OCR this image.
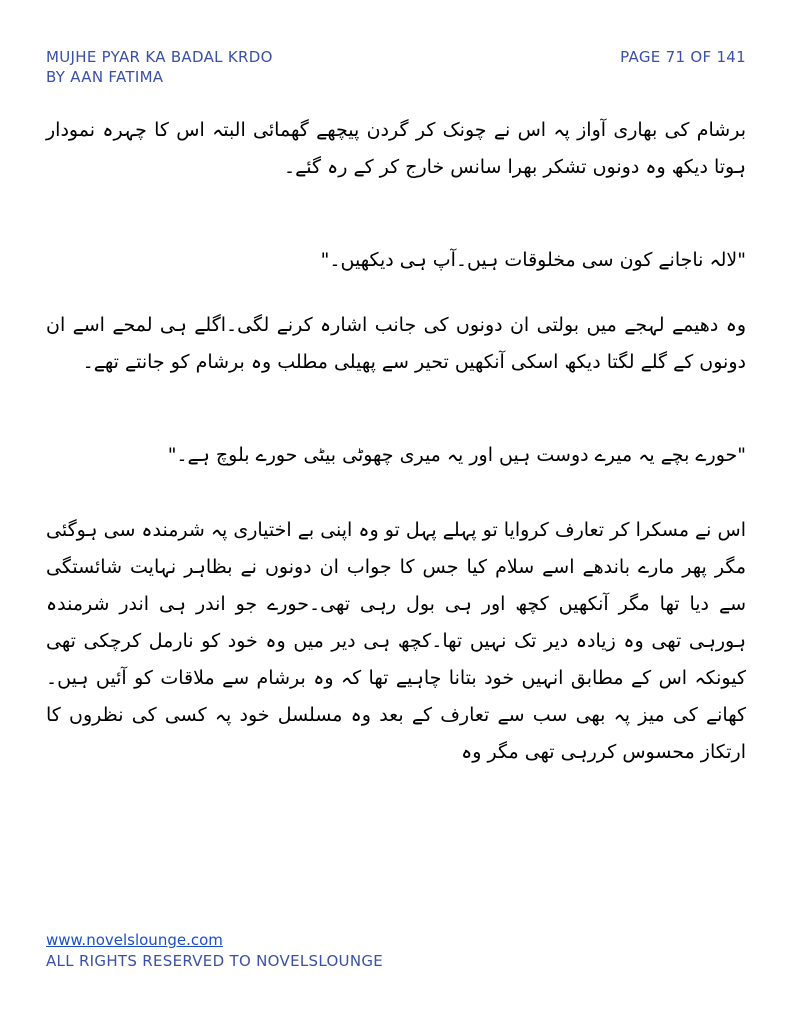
MUJHE PYAR KA BADAL KRDO
BY AAN FATIMA
PAGE 71 OF 141

برشام کی بھاری آواز پہ اس نے چونک کر گردن پیچھے گھمائی البتہ اس کا چہرہ نمودار ہوتا دیکھ وہ دونوں تشکر بھرا سانس خارج کر کے رہ گئے۔

"لالہ ناجانے کون سی مخلوقات ہیں۔آپ ہی دیکھیں۔"

وہ دھیمے لہجے میں بولتی ان دونوں کی جانب اشارہ کرنے لگی۔اگلے ہی لمحے اسے ان دونوں کے گلے لگتا دیکھ اسکی آنکھیں تحیر سے پھیلی مطلب وہ برشام کو جانتے تھے۔

"حورے بچے یہ میرے دوست ہیں اور یہ میری چھوٹی بیٹی حورے بلوچ ہے۔"

اس نے مسکرا کر تعارف کروایا تو پہلے پہل تو وہ اپنی بے اختیاری پہ شرمندہ سی ہوگئی مگر پھر مارے باندھے اسے سلام کیا جس کا جواب ان دونوں نے بظاہر نہایت شائستگی سے دیا تھا مگر آنکھیں کچھ اور ہی بول رہی تھی۔حورے جو اندر ہی اندر شرمندہ ہورہی تھی وہ زیادہ دیر تک نہیں تھا۔کچھ ہی دیر میں وہ خود کو نارمل کرچکی تھی کیونکہ اس کے مطابق انہیں خود بتانا چاہیے تھا کہ وہ برشام سے ملاقات کو آئیں ہیں۔کھانے کی میز پہ بھی سب سے تعارف کے بعد وہ مسلسل خود پہ کسی کی نظروں کا ارتکاز محسوس کررہی تھی مگر وہ

www.novelslounge.com
ALL RIGHTS RESERVED TO NOVELSLOUNGE
